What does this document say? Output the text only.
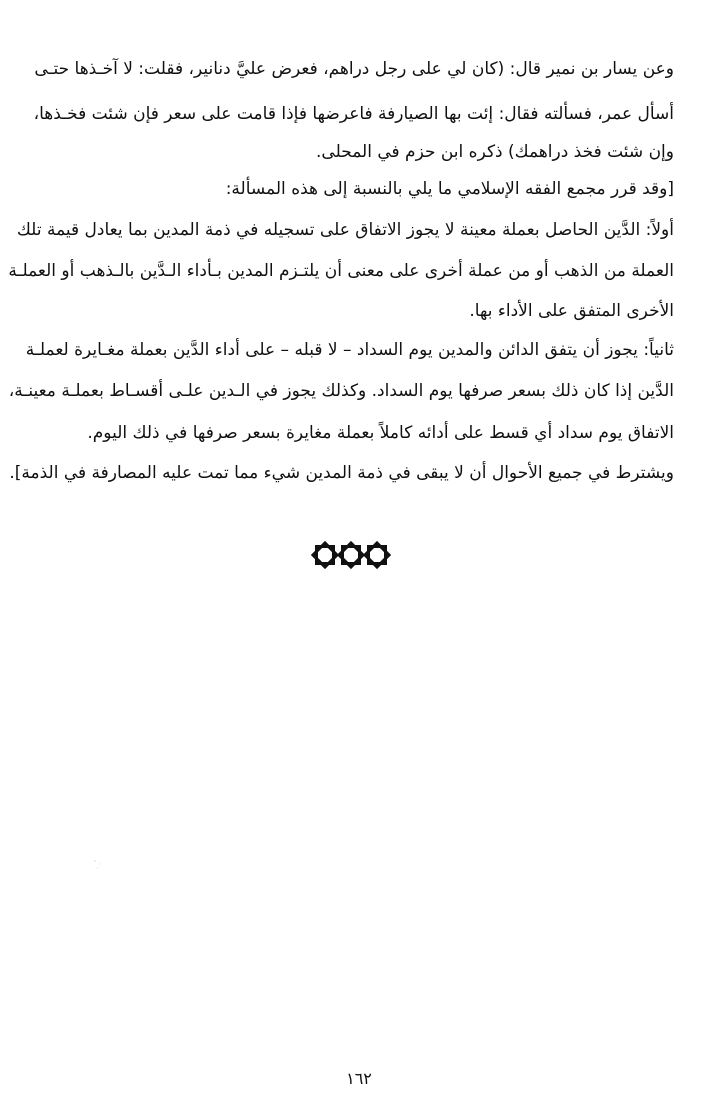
وعن يسار بن نمير قال: (كان لي على رجل دراهم، فعرض عليَّ دنانير، فقلت: لا آخـذها حتـى
أسأل عمر، فسألته فقال: إئت بها الصيارفة فاعرضها فإذا قامت على سعر فإن شئت فخـذها،
وإن شئت فخذ دراهمك) ذكره ابن حزم في المحلى.
[وقد قرر مجمع الفقه الإسلامي ما يلي بالنسبة إلى هذه المسألة:
أولاً: الدَّين الحاصل بعملة معينة لا يجوز الاتفاق على تسجيله في ذمة المدين بما يعادل قيمة تلك
العملة من الذهب أو من عملة أخرى على معنى أن يلتـزم المدين بـأداء الـدَّين بالـذهب أو العملـة
الأخرى المتفق على الأداء بها.
ثانياً: يجوز أن يتفق الدائن والمدين يوم السداد – لا قبله – على أداء الدَّين بعملة مغـايرة لعملـة
الدَّين إذا كان ذلك بسعر صرفها يوم السداد. وكذلك يجوز في الـدين علـى أقسـاط بعملـة معينـة،
الاتفاق يوم سداد أي قسط على أدائه كاملاً بعملة مغايرة بسعر صرفها في ذلك اليوم.
ويشترط في جميع الأحوال أن لا يبقى في ذمة المدين شيء مما تمت عليه المصارفة في الذمة].
١٦٢
